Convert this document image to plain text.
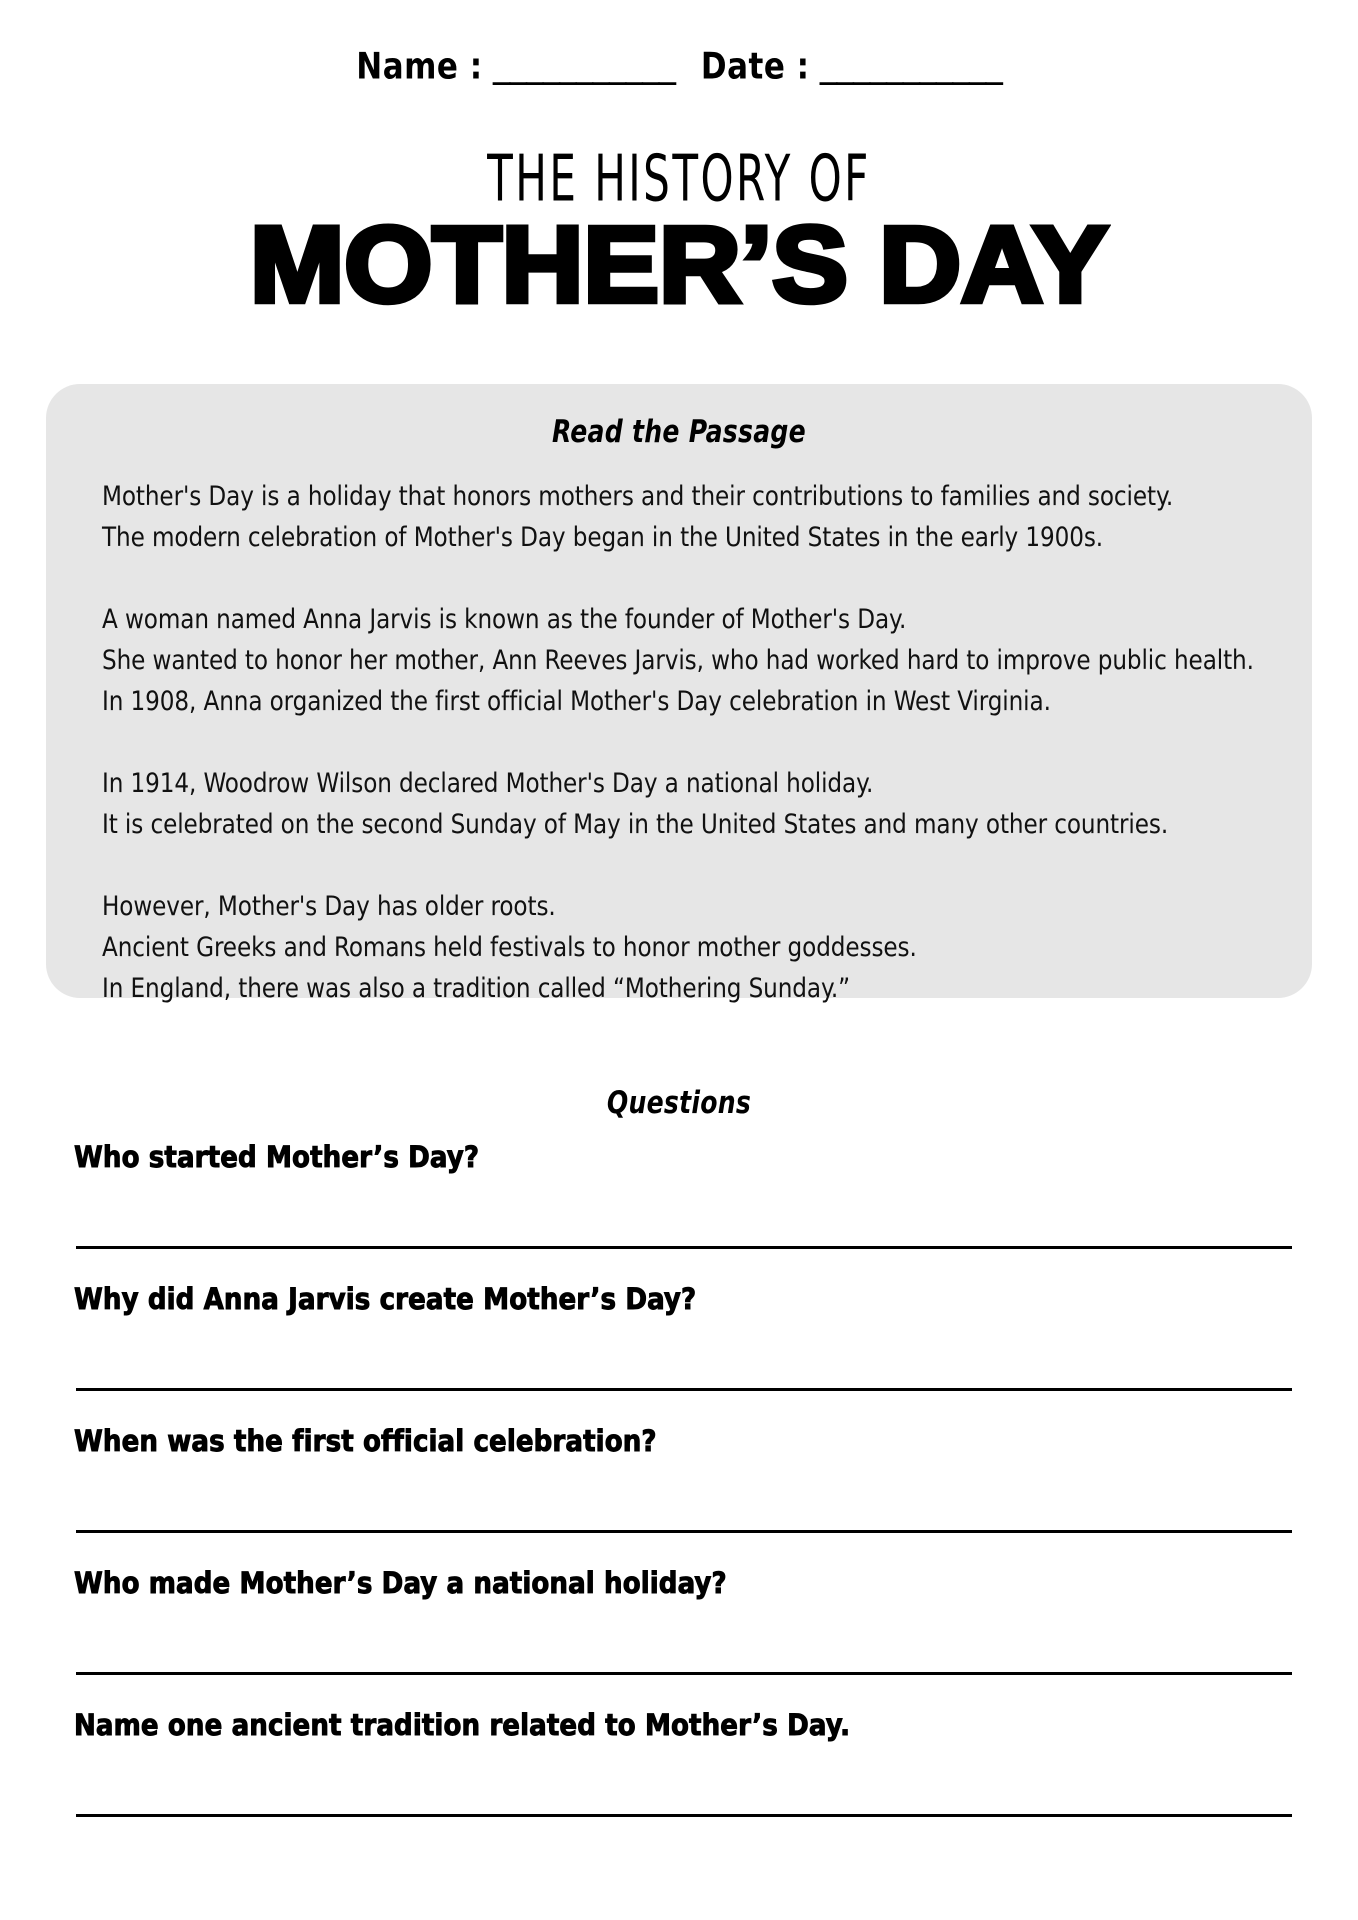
Name : ___________ Date : ___________
THE HISTORY OF
MOTHER’S DAY
Read the Passage
Mother's Day is a holiday that honors mothers and their contributions to families and society.
The modern celebration of Mother's Day began in the United States in the early 1900s.
A woman named Anna Jarvis is known as the founder of Mother's Day.
She wanted to honor her mother, Ann Reeves Jarvis, who had worked hard to improve public health.
In 1908, Anna organized the first official Mother's Day celebration in West Virginia.
In 1914, Woodrow Wilson declared Mother's Day a national holiday.
It is celebrated on the second Sunday of May in the United States and many other countries.
However, Mother's Day has older roots.
Ancient Greeks and Romans held festivals to honor mother goddesses.
In England, there was also a tradition called “Mothering Sunday.”
Questions
Who started Mother’s Day?
Why did Anna Jarvis create Mother’s Day?
When was the first official celebration?
Who made Mother’s Day a national holiday?
Name one ancient tradition related to Mother’s Day.
